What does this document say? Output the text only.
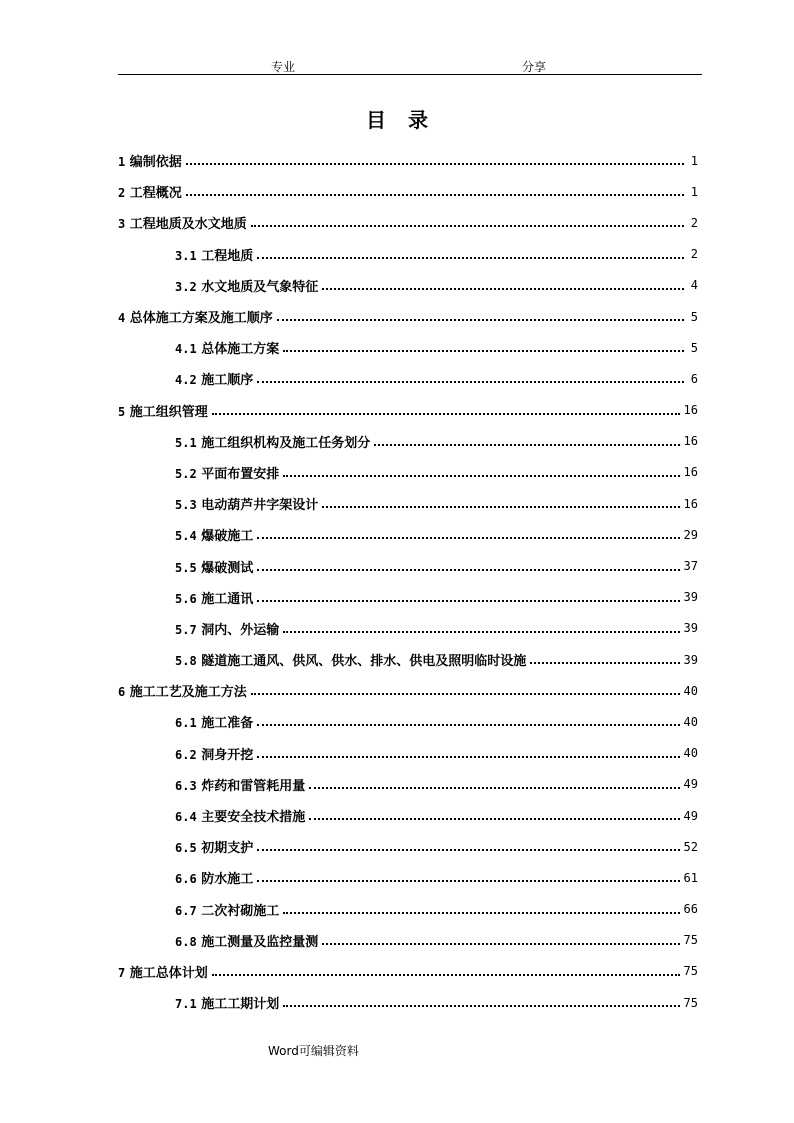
专业	分享
目录
1 编制依据	1
2 工程概况	1
3 工程地质及水文地质	2
3.1 工程地质	2
3.2 水文地质及气象特征	4
4 总体施工方案及施工顺序	5
4.1 总体施工方案	5
4.2 施工顺序	6
5 施工组织管理	16
5.1 施工组织机构及施工任务划分	16
5.2 平面布置安排	16
5.3 电动葫芦井字架设计	16
5.4 爆破施工	29
5.5 爆破测试	37
5.6 施工通讯	39
5.7 洞内、外运输	39
5.8 隧道施工通风、供风、供水、排水、供电及照明临时设施	39
6 施工工艺及施工方法	40
6.1 施工准备	40
6.2 洞身开挖	40
6.3 炸药和雷管耗用量	49
6.4 主要安全技术措施	49
6.5 初期支护	52
6.6 防水施工	61
6.7 二次衬砌施工	66
6.8 施工测量及监控量测	75
7 施工总体计划	75
7.1 施工工期计划	75
Word可编辑资料
